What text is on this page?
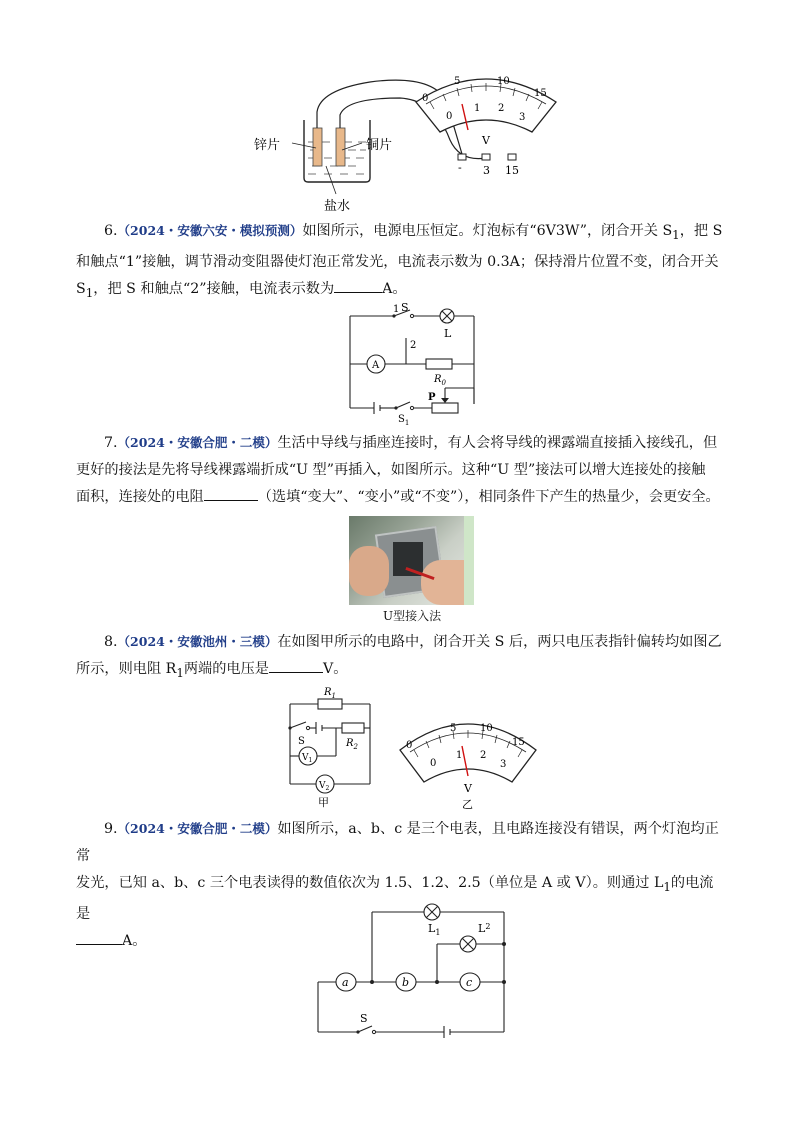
锌片	铜片
盐水
5	10
15
0
0
1 2
3
V
- 3 15
6.（2024・安徽六安・模拟预测）如图所示，电源电压恒定。灯泡标有“6V3W”，闭合开关 $S_1$，把 S
和触点“1”接触，调节滑动变阻器使灯泡正常发光，电流表示数为 0.3A；保持滑片位置不变，闭合开关
$S_1$，把 S 和触点“2”接触，电流表示数为	A。
1 S
L
2
A
$R_0$
P
$S_1$
7.（2024・安徽合肥・二模）生活中导线与插座连接时，有人会将导线的裸露端直接插入接线孔，但
更好的接法是先将导线裸露端折成“U 型”再插入，如图所示。这种“U 型”接法可以增大连接处的接触
面积，连接处的电阻	（选填“变大”、“变小”或“不变”），相同条件下产生的热量少，会更安全。
U型接入法
8.（2024・安徽池州・三模）在如图甲所示的电路中，闭合开关 S 后，两只电压表指针偏转均如图乙
所示，则电阻 $R_1$两端的电压是	V。
$R_1$
$R_2$
S
$V_1$
$V_2$
甲
5 10
15
0
0
1 2
3
V
乙
9.（2024・安徽合肥・二模）如图所示，a、b、c 是三个电表，且电路连接没有错误，两个灯泡均正常
发光，已知 a、b、c 三个电表读得的数值依次为 1.5、1.2、2.5（单位是 A 或 V）。则通过 $L_1$的电流是
A。
$L_1$	$L^2$
a	b	c
S
